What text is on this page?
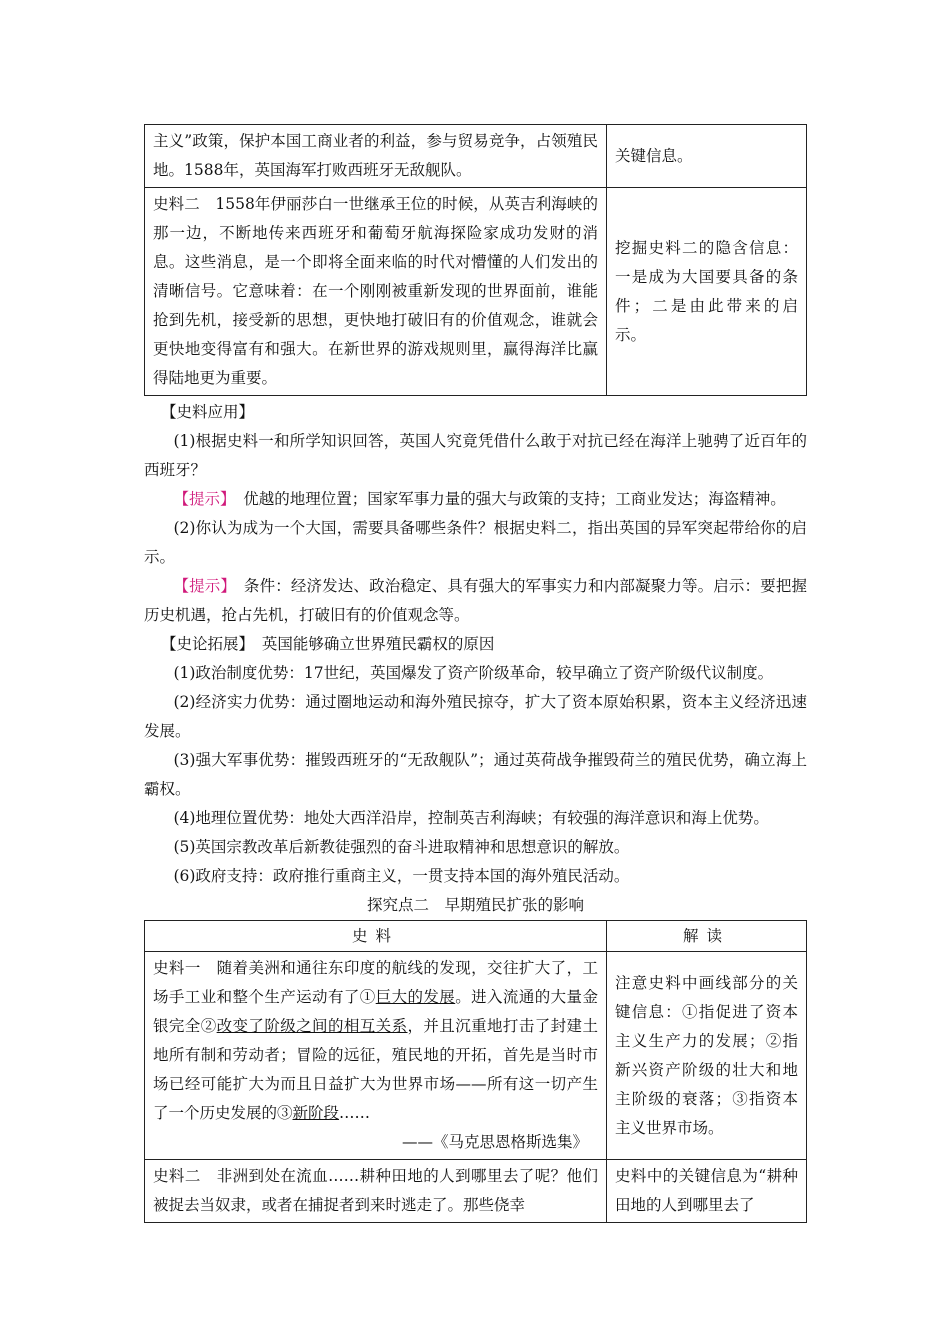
主义”政策，保护本国工商业者的利益，参与贸易竞争，占领殖民地。1588年，英国海军打败西班牙无敌舰队。	关键信息。
史料二　1558年伊丽莎白一世继承王位的时候，从英吉利海峡的那一边，不断地传来西班牙和葡萄牙航海探险家成功发财的消息。这些消息，是一个即将全面来临的时代对懵懂的人们发出的清晰信号。它意味着：在一个刚刚被重新发现的世界面前，谁能抢到先机，接受新的思想，更快地打破旧有的价值观念，谁就会更快地变得富有和强大。在新世界的游戏规则里，赢得海洋比赢得陆地更为重要。	挖掘史料二的隐含信息：一是成为大国要具备的条件；二是由此带来的启示。

【史料应用】

(1)根据史料一和所学知识回答，英国人究竟凭借什么敢于对抗已经在海洋上驰骋了近百年的西班牙？

【提示】　 优越的地理位置；国家军事力量的强大与政策的支持；工商业发达；海盗精神。

(2)你认为成为一个大国，需要具备哪些条件？根据史料二，指出英国的异军突起带给你的启示。

【提示】　 条件：经济发达、政治稳定、具有强大的军事实力和内部凝聚力等。启示：要把握历史机遇，抢占先机，打破旧有的价值观念等。

【史论拓展】　 英国能够确立世界殖民霸权的原因

(1)政治制度优势：17世纪，英国爆发了资产阶级革命，较早确立了资产阶级代议制度。

(2)经济实力优势：通过圈地运动和海外殖民掠夺，扩大了资本原始积累，资本主义经济迅速发展。

(3)强大军事优势：摧毁西班牙的“无敌舰队”；通过英荷战争摧毁荷兰的殖民优势，确立海上霸权。

(4)地理位置优势：地处大西洋沿岸，控制英吉利海峡；有较强的海洋意识和海上优势。

(5)英国宗教改革后新教徒强烈的奋斗进取精神和思想意识的解放。

(6)政府支持：政府推行重商主义，一贯支持本国的海外殖民活动。

探究点二　早期殖民扩张的影响
史料	解读

史料一　随着美洲和通往东印度的航线的发现，交往扩大了，工场手工业和整个生产运动有了①巨大的发展。进入流通的大量金银完全②改变了阶级之间的相互关系，并且沉重地打击了封建土地所有制和劳动者；冒险的远征，殖民地的开拓，首先是当时市场已经可能扩大为而且日益扩大为世界市场——所有这一切产生了一个历史发展的③新阶段……
——《马克思恩格斯选集》	注意史料中画线部分的关键信息：①指促进了资本主义生产力的发展；②指新兴资产阶级的壮大和地主阶级的衰落；③指资本主义世界市场。
史料二　非洲到处在流血……耕种田地的人到哪里去了呢？他们被捉去当奴隶，或者在捕捉者到来时逃走了。那些侥幸	史料中的关键信息为“耕种田地的人到哪里去了
